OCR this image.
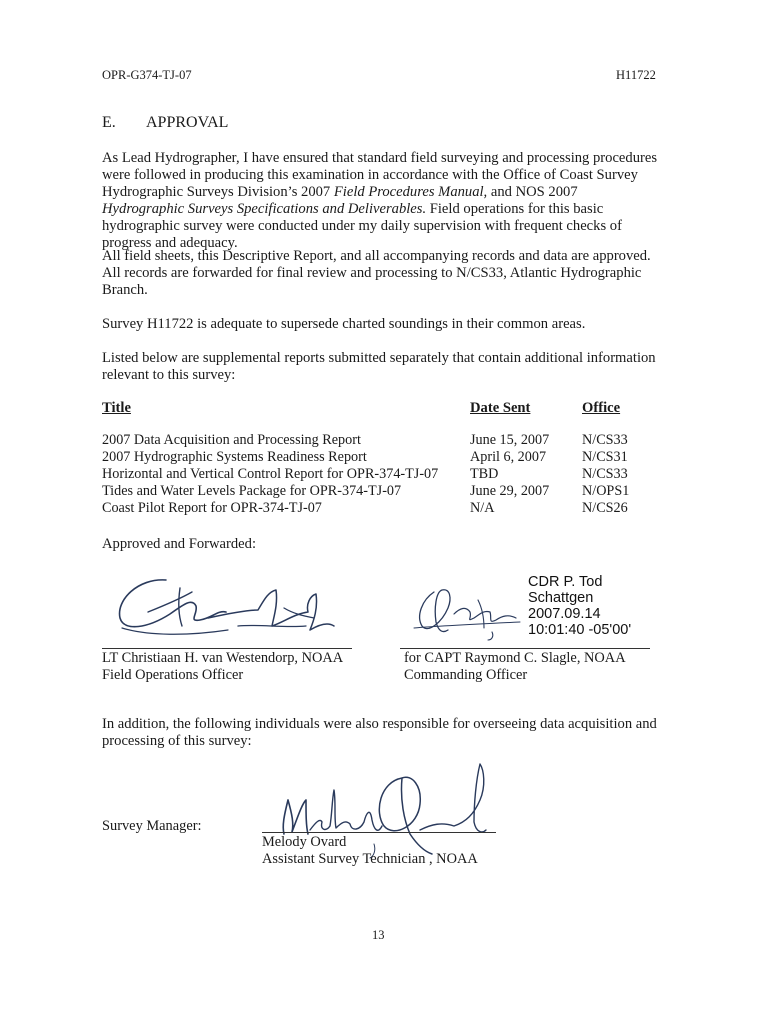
OPR-G374-TJ-07	H11722
E. APPROVAL
As Lead Hydrographer, I have ensured that standard field surveying and processing procedures were followed in producing this examination in accordance with the Office of Coast Survey Hydrographic Surveys Division’s 2007 Field Procedures Manual, and NOS 2007 Hydrographic Surveys Specifications and Deliverables. Field operations for this basic hydrographic survey were conducted under my daily supervision with frequent checks of progress and adequacy.
All field sheets, this Descriptive Report, and all accompanying records and data are approved. All records are forwarded for final review and processing to N/CS33, Atlantic Hydrographic Branch.
Survey H11722 is adequate to supersede charted soundings in their common areas.
Listed below are supplemental reports submitted separately that contain additional information relevant to this survey:
Title	Date Sent	Office
2007 Data Acquisition and Processing Report	June 15, 2007	N/CS33
2007 Hydrographic Systems Readiness Report	April 6, 2007	N/CS31
Horizontal and Vertical Control Report for OPR-374-TJ-07	TBD	N/CS33
Tides and Water Levels Package for OPR-374-TJ-07	June 29, 2007	N/OPS1
Coast Pilot Report for OPR-374-TJ-07	N/A	N/CS26
Approved and Forwarded:
LT Christiaan H. van Westendorp, NOAA
Field Operations Officer
CDR P. Tod
Schattgen
2007.09.14
10:01:40 -05'00'
for CAPT Raymond C. Slagle, NOAA
Commanding Officer
In addition, the following individuals were also responsible for overseeing data acquisition and processing of this survey:
Survey Manager:
Melody Ovard
Assistant Survey Technician , NOAA
13
